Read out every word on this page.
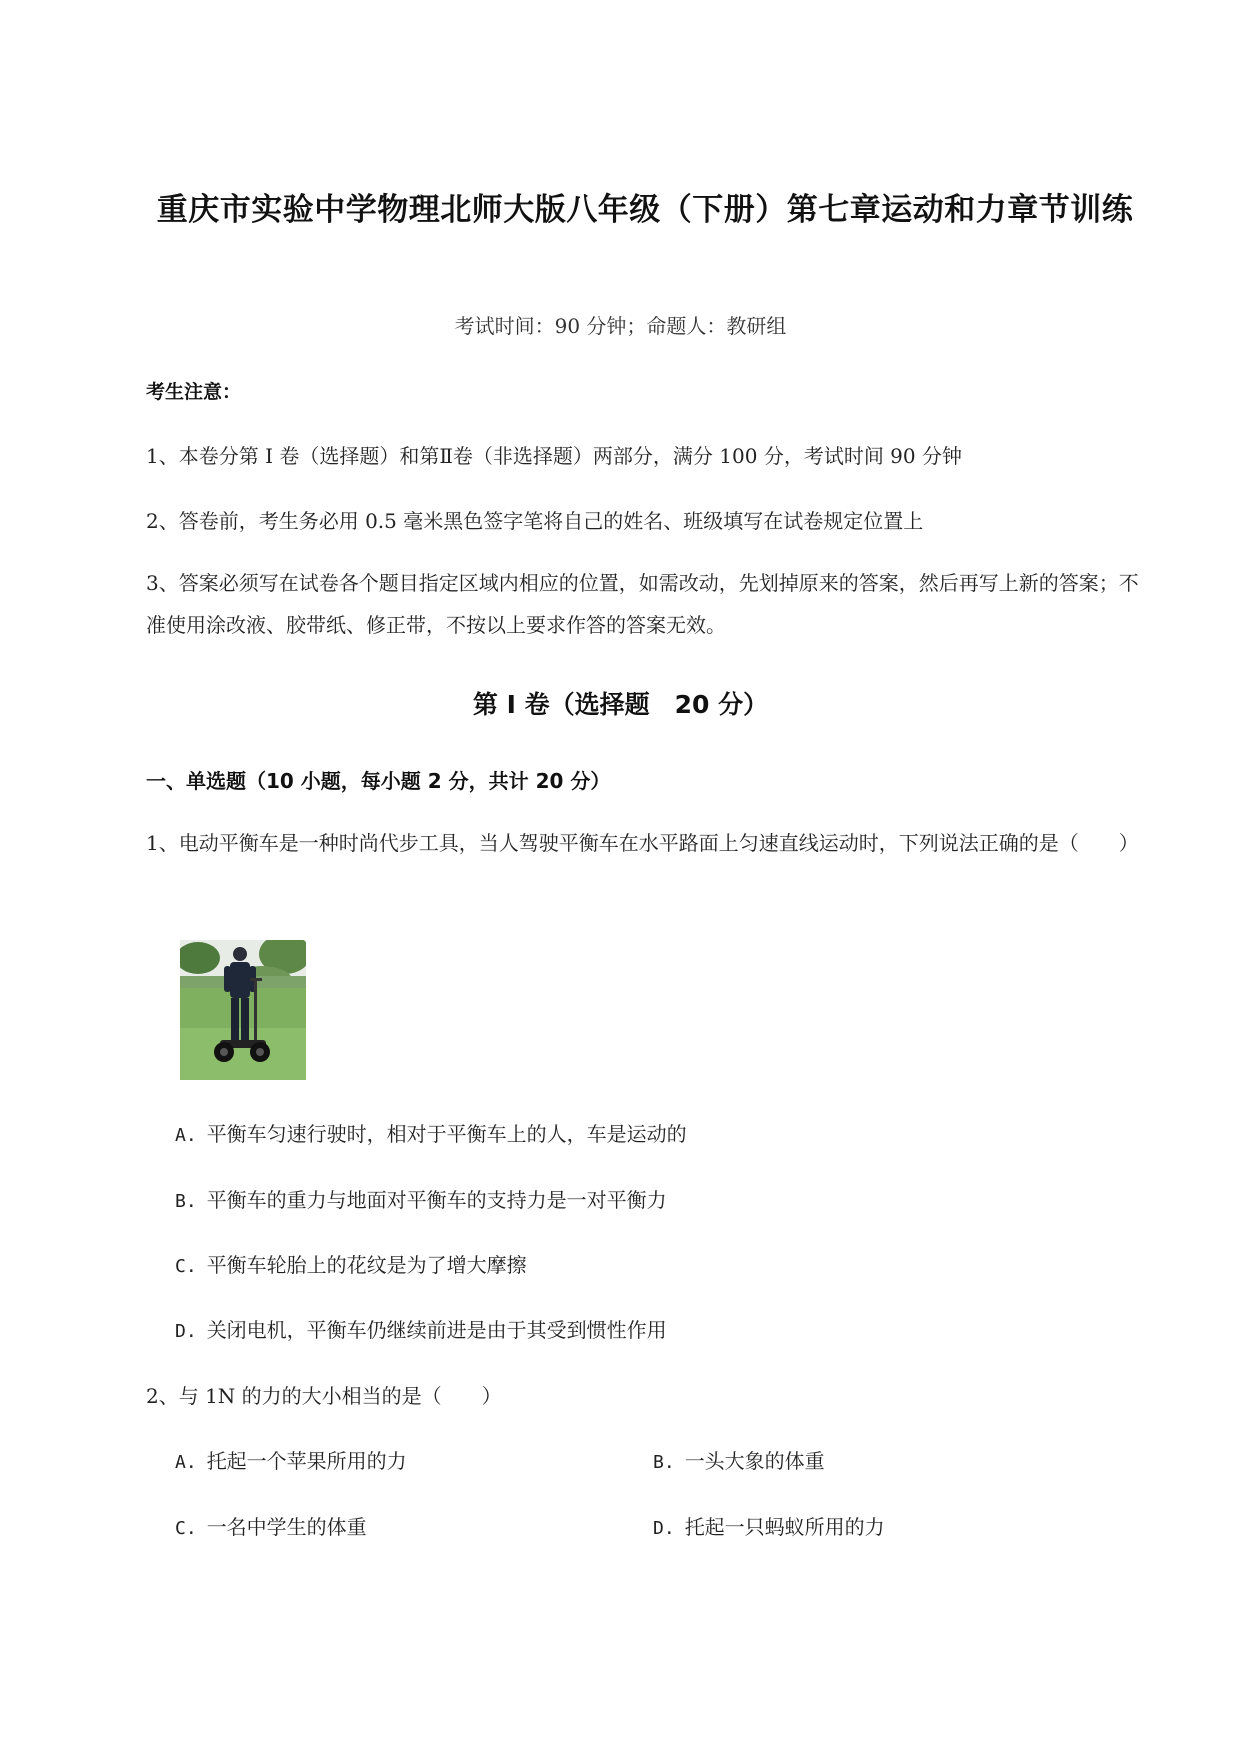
重庆市实验中学物理北师大版八年级（下册）第七章运动和力章节训练
考试时间：90 分钟；命题人：教研组
考生注意：
1、本卷分第 I 卷（选择题）和第Ⅱ卷（非选择题）两部分，满分 100 分，考试时间 90 分钟
2、答卷前，考生务必用 0.5 毫米黑色签字笔将自己的姓名、班级填写在试卷规定位置上
3、答案必须写在试卷各个题目指定区域内相应的位置，如需改动，先划掉原来的答案，然后再写上新的答案；不准使用涂改液、胶带纸、修正带，不按以上要求作答的答案无效。
第 I 卷（选择题　20 分）
一、单选题（10 小题，每小题 2 分，共计 20 分）
1、电动平衡车是一种时尚代步工具，当人驾驶平衡车在水平路面上匀速直线运动时，下列说法正确的是（　　）
A. 平衡车匀速行驶时，相对于平衡车上的人，车是运动的
B. 平衡车的重力与地面对平衡车的支持力是一对平衡力
C. 平衡车轮胎上的花纹是为了增大摩擦
D. 关闭电机，平衡车仍继续前进是由于其受到惯性作用
2、与 1N 的力的大小相当的是（　　）
A. 托起一个苹果所用的力	B. 一头大象的体重
C. 一名中学生的体重	D. 托起一只蚂蚁所用的力
